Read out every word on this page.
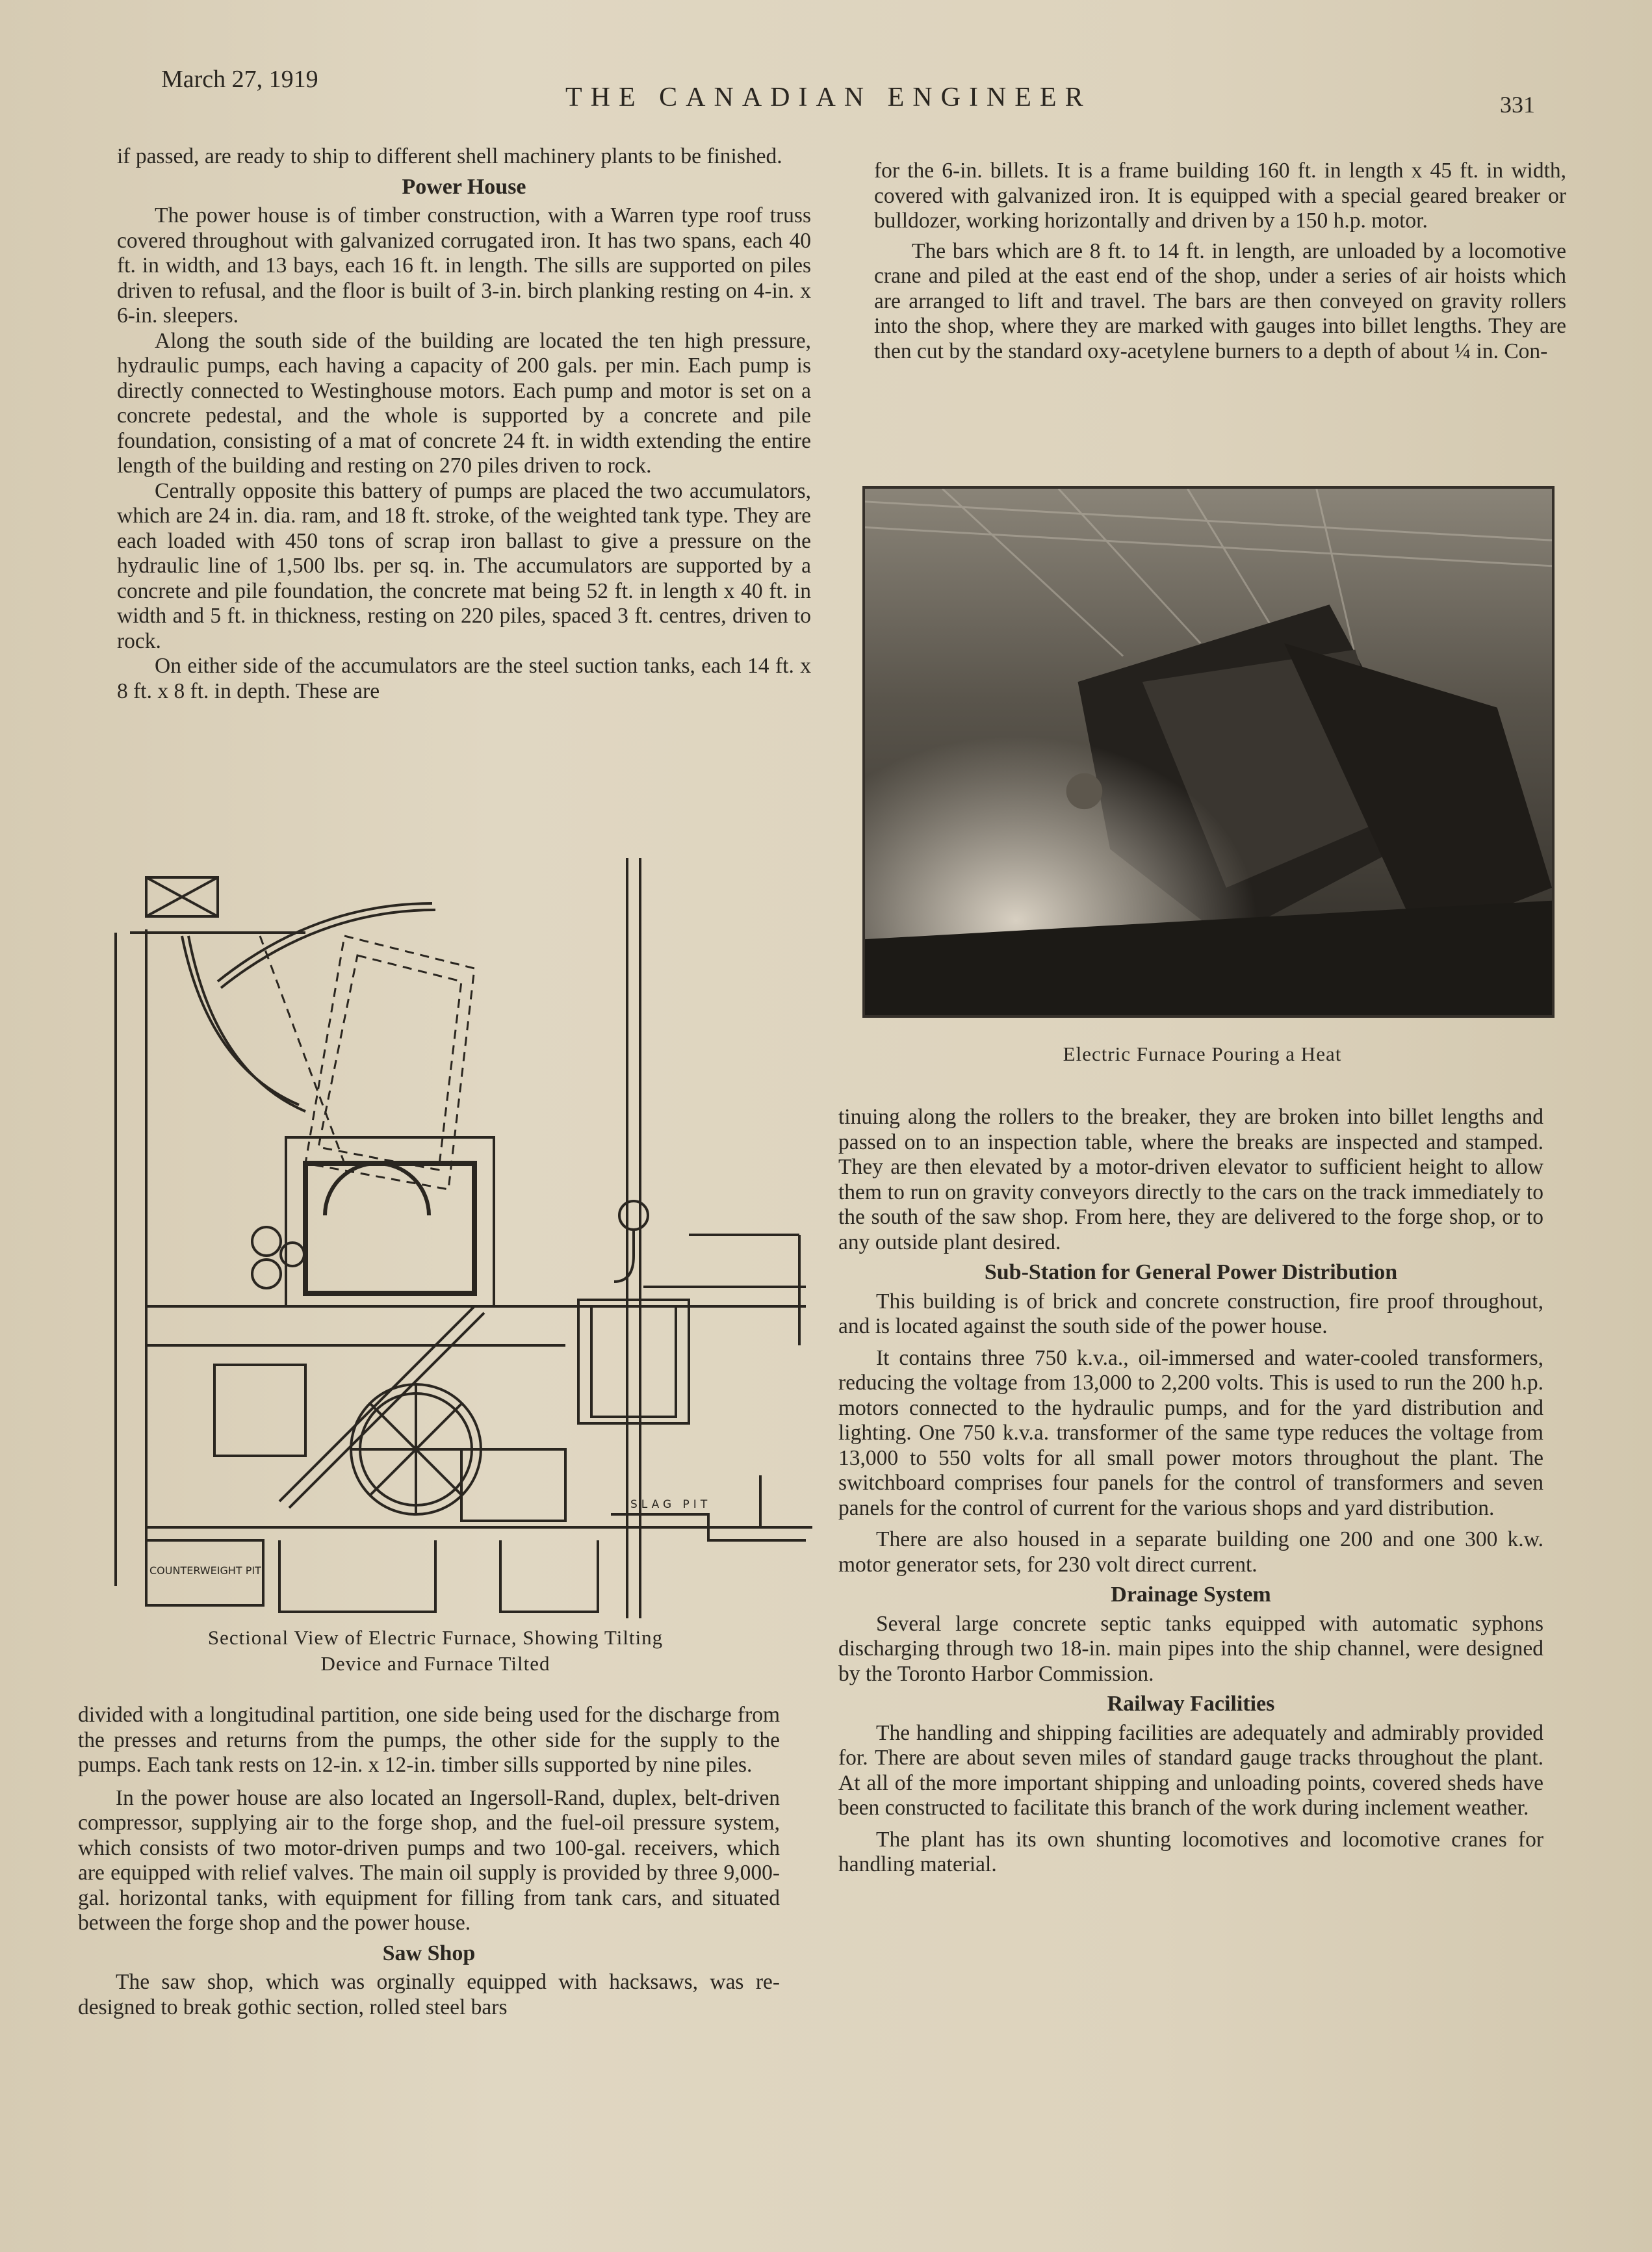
March 27, 1919
THE CANADIAN ENGINEER	331

if passed, are ready to ship to different shell machinery plants to be finished.

Power House

The power house is of timber construction, with a Warren type roof truss covered throughout with galvanized corrugated iron. It has two spans, each 40 ft. in width, and 13 bays, each 16 ft. in length. The sills are supported on piles driven to refusal, and the floor is built of 3-in. birch planking resting on 4-in. x 6-in. sleepers.

Along the south side of the building are located the ten high pressure, hydraulic pumps, each having a capacity of 200 gals. per min. Each pump is directly connected to Westinghouse motors. Each pump and motor is set on a concrete pedestal, and the whole is supported by a concrete and pile foundation, consisting of a mat of concrete 24 ft. in width extending the entire length of the building and resting on 270 piles driven to rock.

Centrally opposite this battery of pumps are placed the two accumulators, which are 24 in. dia. ram, and 18 ft. stroke, of the weighted tank type. They are each loaded with 450 tons of scrap iron ballast to give a pressure on the hydraulic line of 1,500 lbs. per sq. in. The accumulators are supported by a concrete and pile foundation, the concrete mat being 52 ft. in length x 40 ft. in width and 5 ft. in thickness, resting on 220 piles, spaced 3 ft. centres, driven to rock.

On either side of the accumulators are the steel suction tanks, each 14 ft. x 8 ft. x 8 ft. in depth. These are

SLAG PIT
COUNTERWEIGHT PIT
Sectional View of Electric Furnace, Showing Tilting
Device and Furnace Tilted

divided with a longitudinal partition, one side being used for the discharge from the presses and returns from the pumps, the other side for the supply to the pumps. Each tank rests on 12-in. x 12-in. timber sills supported by nine piles.

In the power house are also located an Ingersoll-Rand, duplex, belt-driven compressor, supplying air to the forge shop, and the fuel-oil pressure system, which consists of two motor-driven pumps and two 100-gal. receivers, which are equipped with relief valves. The main oil supply is provided by three 9,000-gal. horizontal tanks, with equipment for filling from tank cars, and situated between the forge shop and the power house.

Saw Shop

The saw shop, which was orginally equipped with hacksaws, was re-designed to break gothic section, rolled steel bars

for the 6-in. billets. It is a frame building 160 ft. in length x 45 ft. in width, covered with galvanized iron. It is equipped with a special geared breaker or bulldozer, working horizontally and driven by a 150 h.p. motor.

The bars which are 8 ft. to 14 ft. in length, are unloaded by a locomotive crane and piled at the east end of the shop, under a series of air hoists which are arranged to lift and travel. The bars are then conveyed on gravity rollers into the shop, where they are marked with gauges into billet lengths. They are then cut by the standard oxy-acetylene burners to a depth of about ¼ in. Con-

Electric Furnace Pouring a Heat

tinuing along the rollers to the breaker, they are broken into billet lengths and passed on to an inspection table, where the breaks are inspected and stamped. They are then elevated by a motor-driven elevator to sufficient height to allow them to run on gravity conveyors directly to the cars on the track immediately to the south of the saw shop. From here, they are delivered to the forge shop, or to any outside plant desired.

Sub-Station for General Power Distribution

This building is of brick and concrete construction, fire proof throughout, and is located against the south side of the power house.

It contains three 750 k.v.a., oil-immersed and water-cooled transformers, reducing the voltage from 13,000 to 2,200 volts. This is used to run the 200 h.p. motors connected to the hydraulic pumps, and for the yard distribution and lighting. One 750 k.v.a. transformer of the same type reduces the voltage from 13,000 to 550 volts for all small power motors throughout the plant. The switchboard comprises four panels for the control of transformers and seven panels for the control of current for the various shops and yard distribution.

There are also housed in a separate building one 200 and one 300 k.w. motor generator sets, for 230 volt direct current.

Drainage System

Several large concrete septic tanks equipped with automatic syphons discharging through two 18-in. main pipes into the ship channel, were designed by the Toronto Harbor Commission.

Railway Facilities

The handling and shipping facilities are adequately and admirably provided for. There are about seven miles of standard gauge tracks throughout the plant. At all of the more important shipping and unloading points, covered sheds have been constructed to facilitate this branch of the work during inclement weather.

The plant has its own shunting locomotives and locomotive cranes for handling material.
